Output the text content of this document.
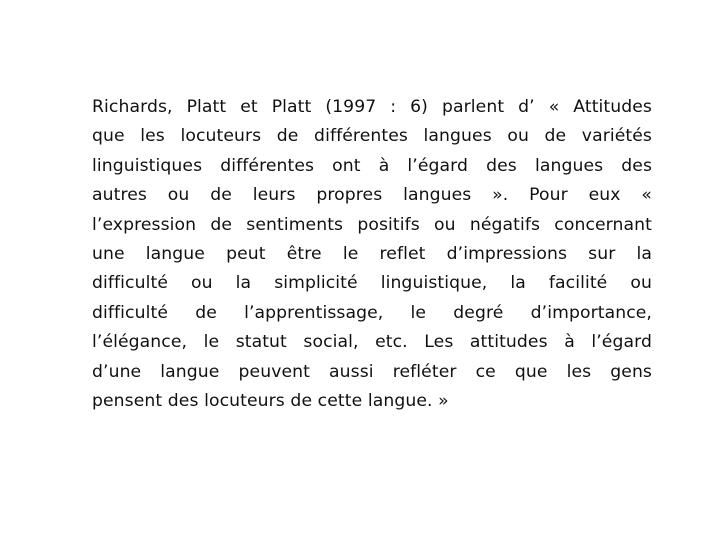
Richards, Platt et Platt (1997 : 6) parlent d’ « Attitudes
que les locuteurs de différentes langues ou de variétés
linguistiques différentes ont à l’égard des langues des
autres ou de leurs propres langues ». Pour eux «
l’expression de sentiments positifs ou négatifs concernant
une langue peut être le reflet d’impressions sur la
difficulté ou la simplicité linguistique, la facilité ou
difficulté de l’apprentissage, le degré d’importance,
l’élégance, le statut social, etc. Les attitudes à l’égard
d’une langue peuvent aussi refléter ce que les gens
pensent des locuteurs de cette langue. »
